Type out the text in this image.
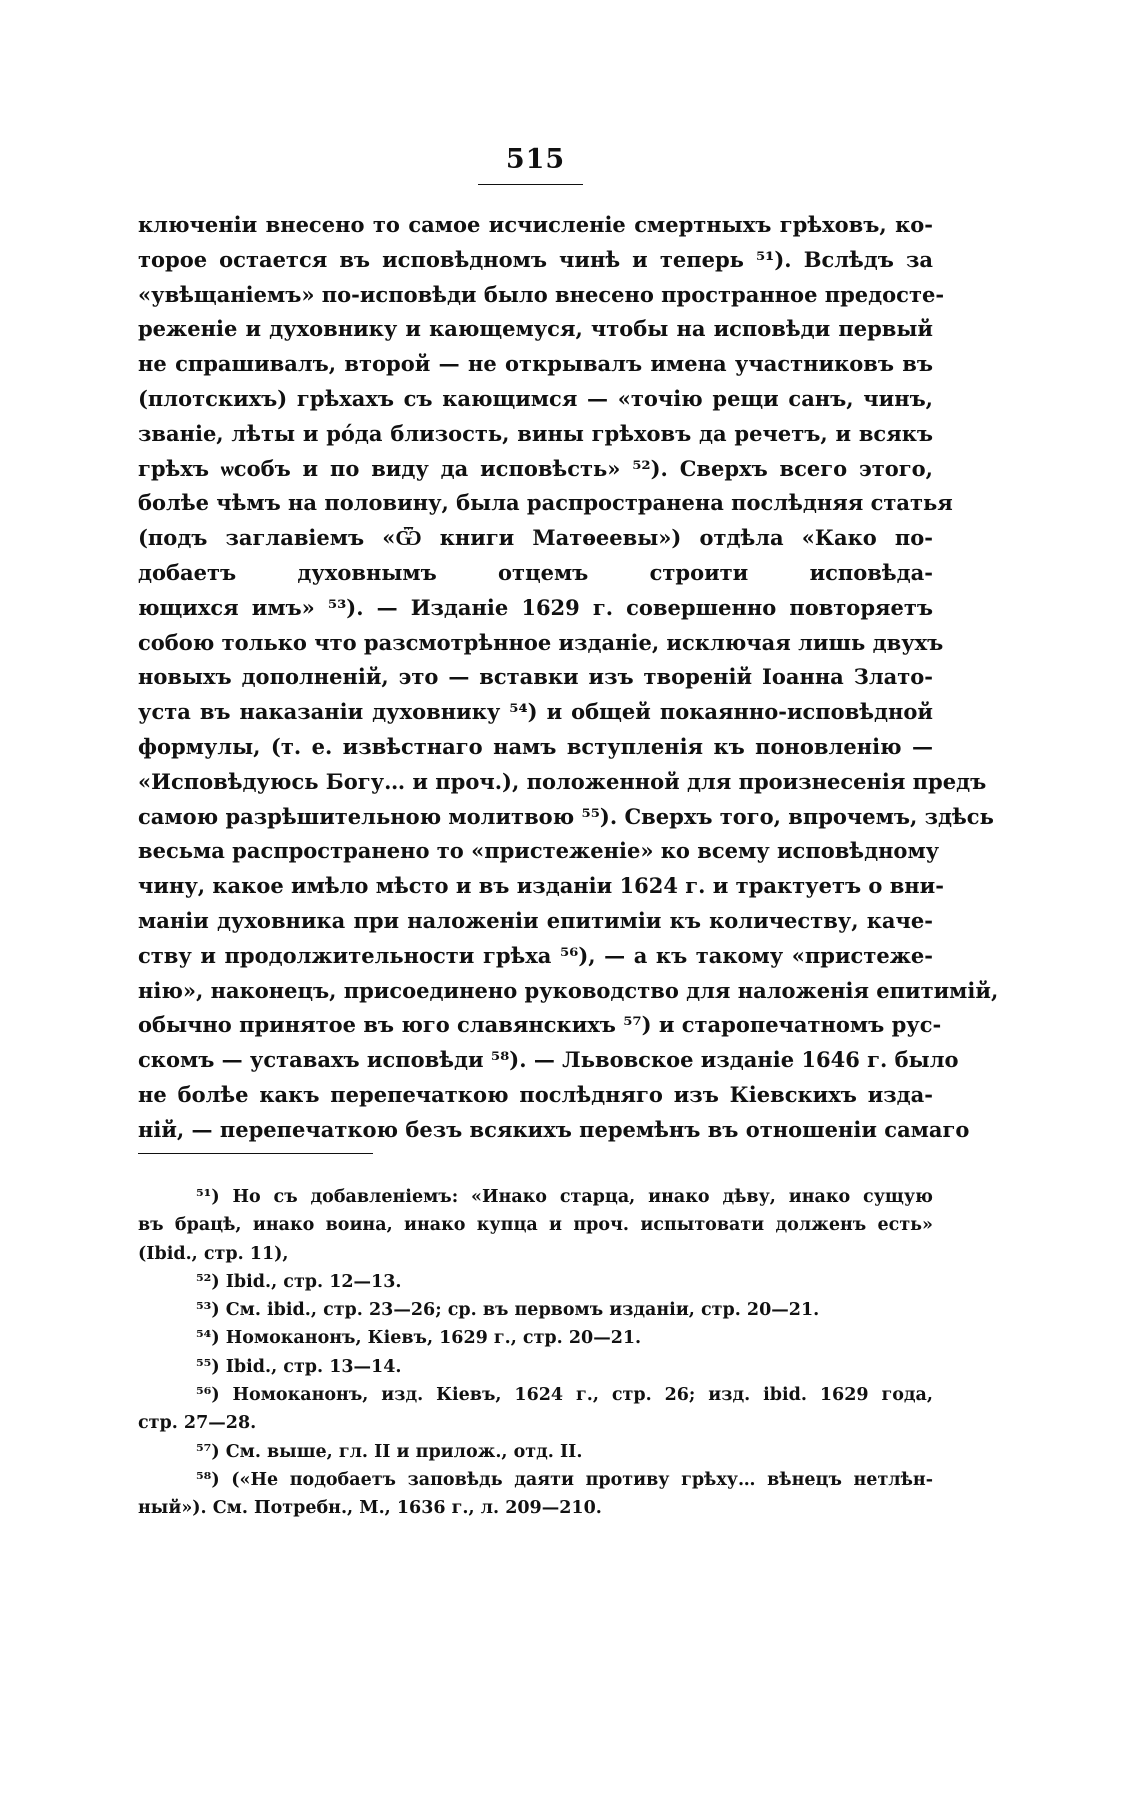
515
ключеніи внесено то самое исчисленіе смертныхъ грѣховъ, ко-
торое остается въ исповѣдномъ чинѣ и теперь ⁵¹). Вслѣдъ за
«увѣщаніемъ» по-исповѣди было внесено пространное предосте-
реженіе и духовнику и кающемуся, чтобы на исповѣди первый
не спрашивалъ, второй — не открывалъ имена участниковъ въ
(плотскихъ) грѣхахъ съ кающимся — «точію рещи санъ, чинъ,
званіе, лѣты и рóда близость, вины грѣховъ да речетъ, и всякъ
грѣхъ ѡсобъ и по виду да исповѣсть» ⁵²). Сверхъ всего этого,
болѣе чѣмъ на половину, была распространена послѣдняя статья
(подъ заглавіемъ «Ѿ книги Матѳеевы») отдѣла «Како по-
добаетъ духовнымъ отцемъ строити исповѣда-
ющихся имъ» ⁵³). — Изданіе 1629 г. совершенно повторяетъ
собою только что разсмотрѣнное изданіе, исключая лишь двухъ
новыхъ дополненій, это — вставки изъ твореній Іоанна Злато-
уста въ наказаніи духовнику ⁵⁴) и общей покаянно-исповѣдной
формулы, (т. е. извѣстнаго намъ вступленія къ поновленію —
«Исповѣдуюсь Богу… и проч.), положенной для произнесенія предъ
самою разрѣшительною молитвою ⁵⁵). Сверхъ того, впрочемъ, здѣсь
весьма распространено то «пристеженіе» ко всему исповѣдному
чину, какое имѣло мѣсто и въ изданіи 1624 г. и трактуетъ о вни-
маніи духовника при наложеніи епитиміи къ количеству, каче-
ству и продолжительности грѣха ⁵⁶), — а къ такому «пристеже-
нію», наконецъ, присоединено руководство для наложенія епитимій,
обычно принятое въ юго славянскихъ ⁵⁷) и старопечатномъ рус-
скомъ — уставахъ исповѣди ⁵⁸). — Львовское изданіе 1646 г. было
не болѣе какъ перепечаткою послѣдняго изъ Кіевскихъ изда-
ній, — перепечаткою безъ всякихъ перемѣнъ въ отношеніи самаго
⁵¹) Но съ добавленіемъ: «Инако старца, инако дѣву, инако сущую
въ брацѣ, инако воина, инако купца и проч. испытовати долженъ есть»
(Ibid., стр. 11),
⁵²) Ibid., стр. 12—13.
⁵³) См. ibid., стр. 23—26; ср. въ первомъ изданіи, стр. 20—21.
⁵⁴) Номоканонъ, Кіевъ, 1629 г., стр. 20—21.
⁵⁵) Ibid., стр. 13—14.
⁵⁶) Номоканонъ, изд. Кіевъ, 1624 г., стр. 26; изд. ibid. 1629 года,
стр. 27—28.
⁵⁷) См. выше, гл. II и прилож., отд. II.
⁵⁸) («Не подобаетъ заповѣдь даяти противу грѣху… вѣнецъ нетлѣн-
ный»). См. Потребн., М., 1636 г., л. 209—210.
